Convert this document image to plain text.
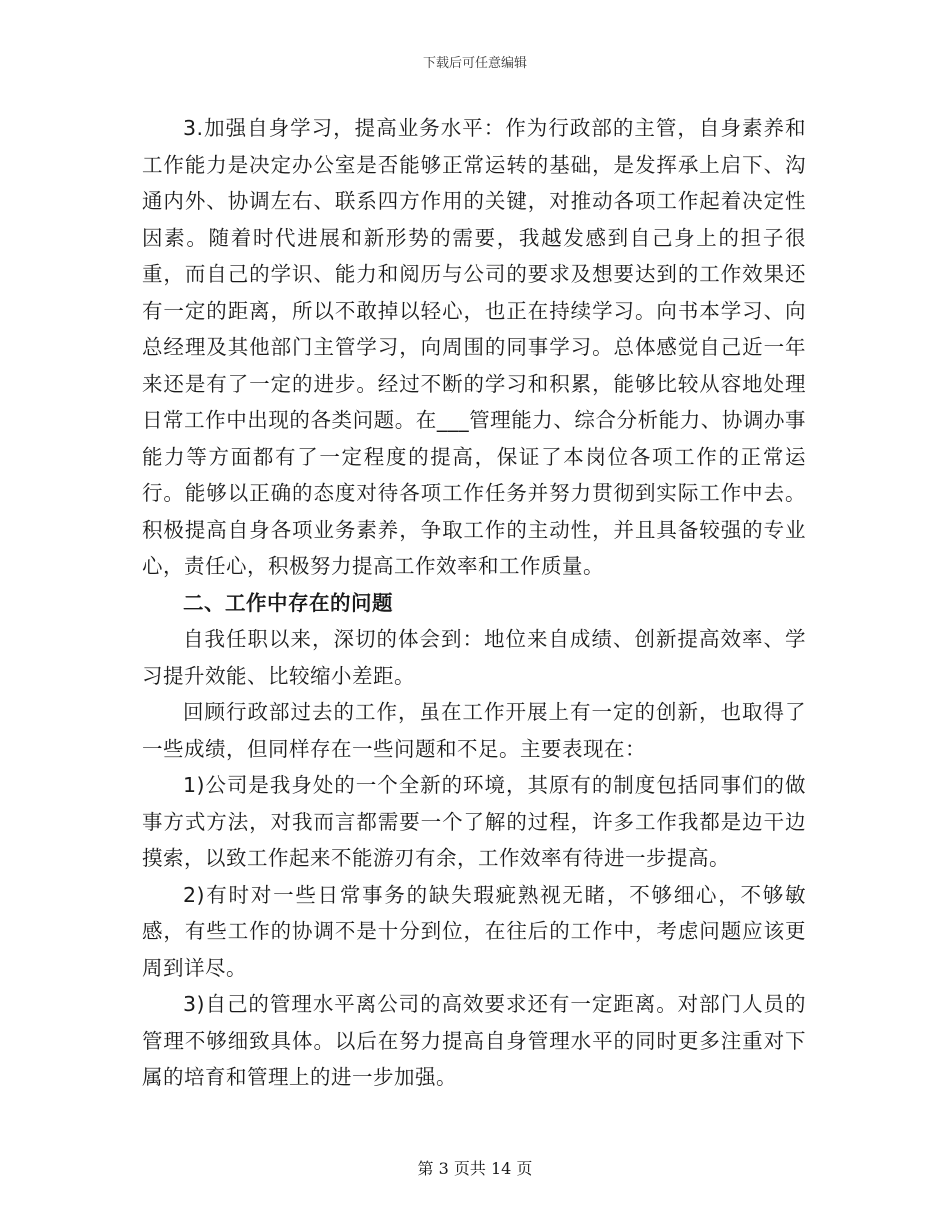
下载后可任意编辑

3.加强自身学习，提高业务水平：作为行政部的主管，自身素养和工作能力是决定办公室是否能够正常运转的基础，是发挥承上启下、沟通内外、协调左右、联系四方作用的关键，对推动各项工作起着决定性因素。随着时代进展和新形势的需要，我越发感到自己身上的担子很重，而自己的学识、能力和阅历与公司的要求及想要达到的工作效果还有一定的距离，所以不敢掉以轻心，也正在持续学习。向书本学习、向总经理及其他部门主管学习，向周围的同事学习。总体感觉自己近一年来还是有了一定的进步。经过不断的学习和积累，能够比较从容地处理日常工作中出现的各类问题。在___管理能力、综合分析能力、协调办事能力等方面都有了一定程度的提高，保证了本岗位各项工作的正常运行。能够以正确的态度对待各项工作任务并努力贯彻到实际工作中去。积极提高自身各项业务素养，争取工作的主动性，并且具备较强的专业心，责任心，积极努力提高工作效率和工作质量。

二、工作中存在的问题

自我任职以来，深切的体会到：地位来自成绩、创新提高效率、学习提升效能、比较缩小差距。

回顾行政部过去的工作，虽在工作开展上有一定的创新，也取得了一些成绩，但同样存在一些问题和不足。主要表现在：

1)公司是我身处的一个全新的环境，其原有的制度包括同事们的做事方式方法，对我而言都需要一个了解的过程，许多工作我都是边干边摸索，以致工作起来不能游刃有余，工作效率有待进一步提高。

2)有时对一些日常事务的缺失瑕疵熟视无睹，不够细心，不够敏感，有些工作的协调不是十分到位，在往后的工作中，考虑问题应该更周到详尽。

3)自己的管理水平离公司的高效要求还有一定距离。对部门人员的管理不够细致具体。以后在努力提高自身管理水平的同时更多注重对下属的培育和管理上的进一步加强。

第 3 页共 14 页
